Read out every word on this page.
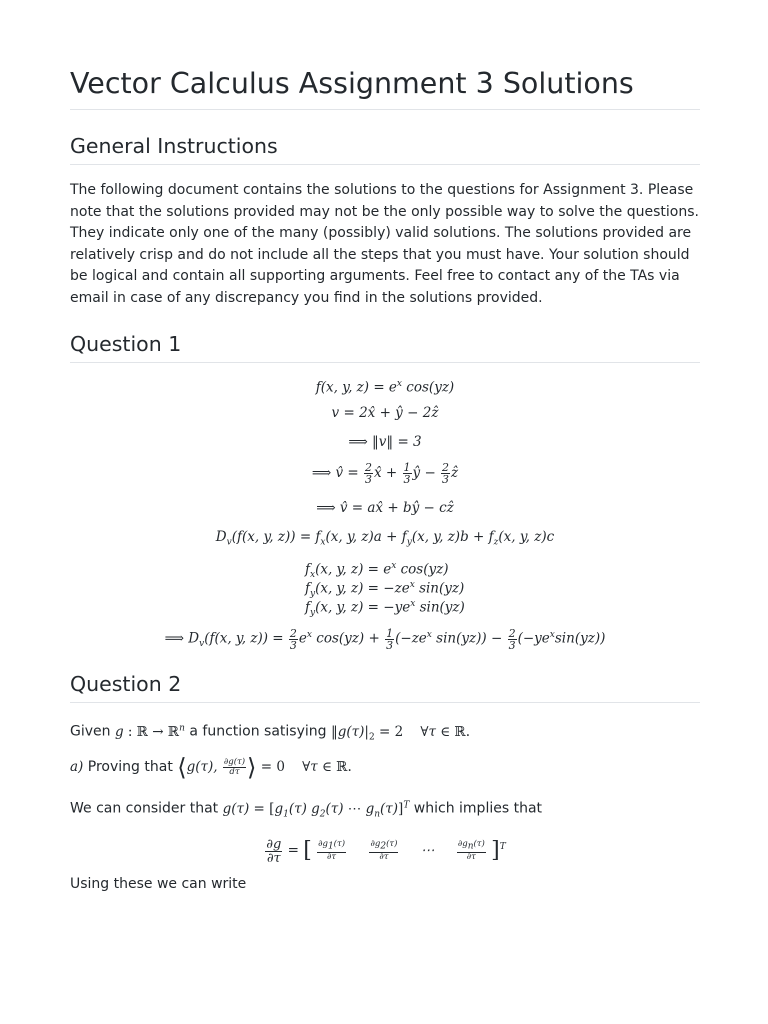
Vector Calculus Assignment 3 Solutions
General Instructions

The following document contains the solutions to the questions for Assignment 3. Please note that the solutions provided may not be the only possible way to solve the questions. They indicate only one of the many (possibly) valid solutions. The solutions provided are relatively crisp and do not include all the steps that you must have. Your solution should be logical and contain all supporting arguments. Feel free to contact any of the TAs via email in case of any discrepancy you find in the solutions provided.

Question 1
f(x, y, $z) = e^x$ cos(yz)
v = 2x̂ + ŷ − 2ẑ
⟹ ‖v‖ = 3
⟹ v̂ = $\frac{2}{3}$ x̂ + $\frac{1}{3}$ ŷ − $\frac{2}{3}$ ẑ
⟹ v̂ = ax̂ + bŷ − cẑ
$D_v(f(x$, y, $z)) = f_x(x$, y, $z)a + f_y(x$, y, $z)b + f_z(x$, y, z)c
$f_x(x$, y, $z) = e^x$ cos(yz)
$f_y(x$, y, $z) = -ze^x$ sin(yz)
$f_y(x$, y, $z) = -ye^x$ sin(yz)
⟹ $D_v(f(x$, y, $z)) = \frac{2}{3} e^x$ $\cos(yz) + \frac{1}{3} (-ze^x$ $\sin(yz)) - \frac{2}{3} (-ye^x\sin(yz))$
Question 2
Given g : ℝ → ℝ$^n$ a function satisying $‖g(\tau)|_2 = 2$ ∀τ ∈ ℝ.
a) Proving that ⟨g(τ), $\frac{\partial g(\tau)}{d\tau}$ ⟩ = 0 ∀τ ∈ ℝ.
We can consider that $g(\tau) = [g_1(\tau)$ $g_2(\tau)$ ⋯ $g_n(\tau)]^T$ which implies that
$\frac{\partial g}{\partial\tau}$ = [ $\frac{\partial g_1(\tau)}{\partial\tau}$
	$\frac{\partial g_2(\tau)}{\partial\tau}$ ⋯	$\frac{\partial g_n(\tau)}{\partial\tau} ]^T$

Using these we can write
